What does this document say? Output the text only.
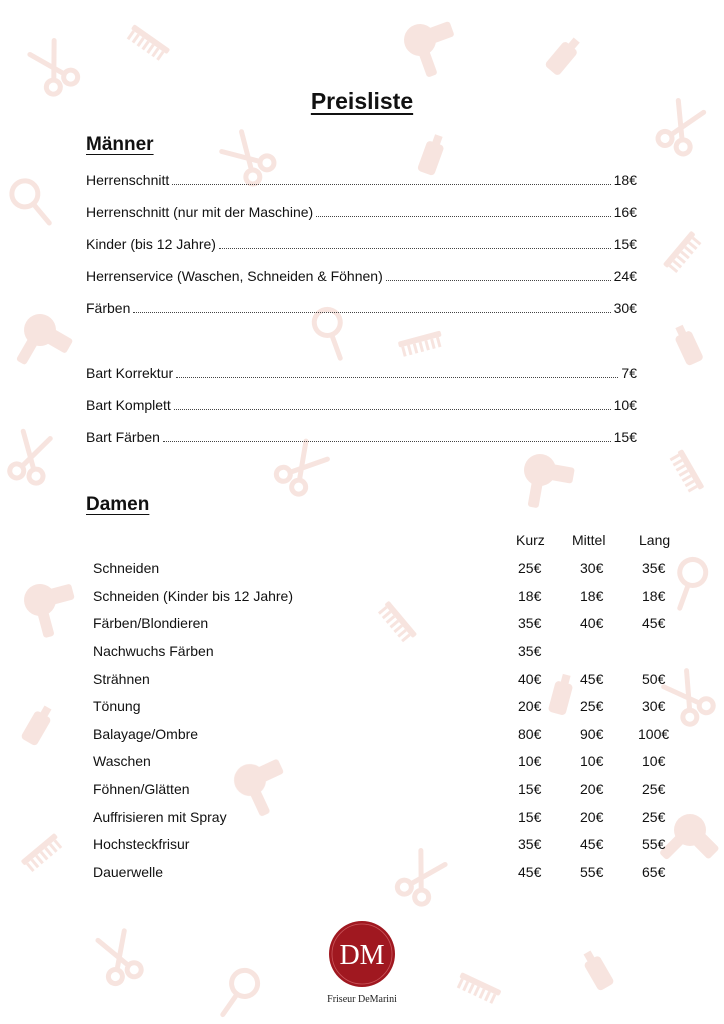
Preisliste
Männer
Herrenschnitt	18€
Herrenschnitt (nur mit der Maschine)	16€
Kinder (bis 12 Jahre)	15€
Herrenservice (Waschen, Schneiden & Föhnen)	24€
Färben	30€
Bart Korrektur	7€
Bart Komplett	10€
Bart Färben	15€
Damen
Kurz Mittel Lang
Schneiden	25€	30€	35€
Schneiden (Kinder bis 12 Jahre)	18€	18€	18€
Färben/Blondieren	35€	40€	45€
Nachwuchs Färben	35€
Strähnen	40€	45€	50€
Tönung	20€	25€	30€
Balayage/Ombre	80€	90€ 100€
Waschen	10€	10€	10€
Föhnen/Glätten	15€	20€	25€
Auffrisieren mit Spray	15€	20€	25€
Hochsteckfrisur	35€	45€	55€
Dauerwelle	45€	55€	65€
DM
Friseur DeMarini
